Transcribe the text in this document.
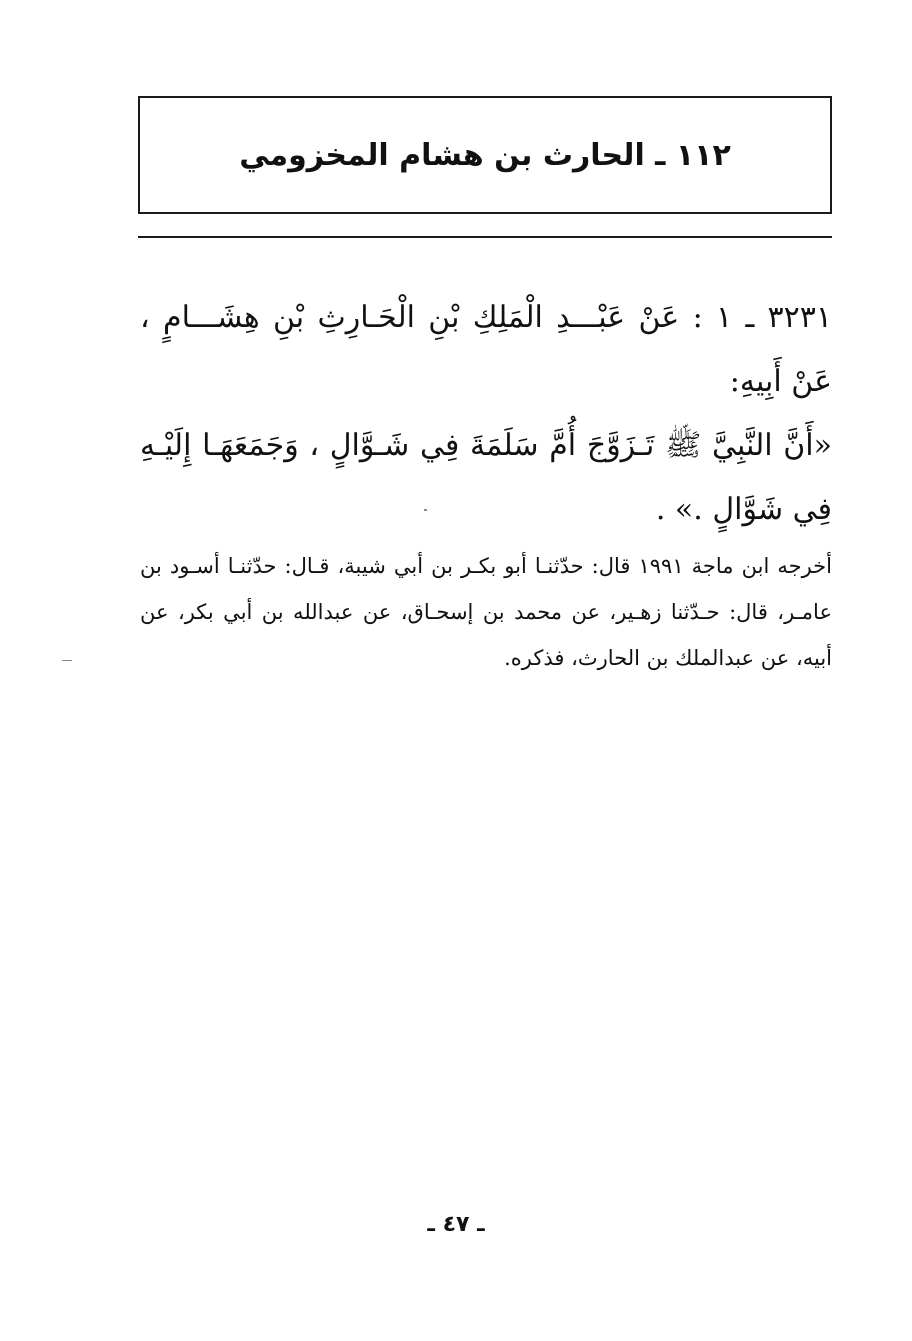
١١٢ ـ الحارث بن هشام المخزومي
٣٢٣١ ـ ١ : عَنْ عَبْـــدِ الْمَلِكِ بْنِ الْحَـارِثِ بْنِ هِشَـــامٍ ، عَنْ أَبِيهِ:
«أَنَّ النَّبِيَّ ﷺ تَـزَوَّجَ أُمَّ سَلَمَةَ فِي شَـوَّالٍ ، وَجَمَعَهَـا إِلَيْـهِ فِي شَوَّالٍ .» .
أخرجه ابن ماجة ١٩٩١ قال: حدّثنـا أبو بكـر بن أبي شيبة، قـال: حدّثنـا أسـود بن عامـر، قال: حـدّثنا زهـير، عن محمد بن إسحـاق، عن عبدالله بن أبي بكر، عن أبيه، عن عبدالملك بن الحارث، فذكره.
ـ ٤٧ ـ
